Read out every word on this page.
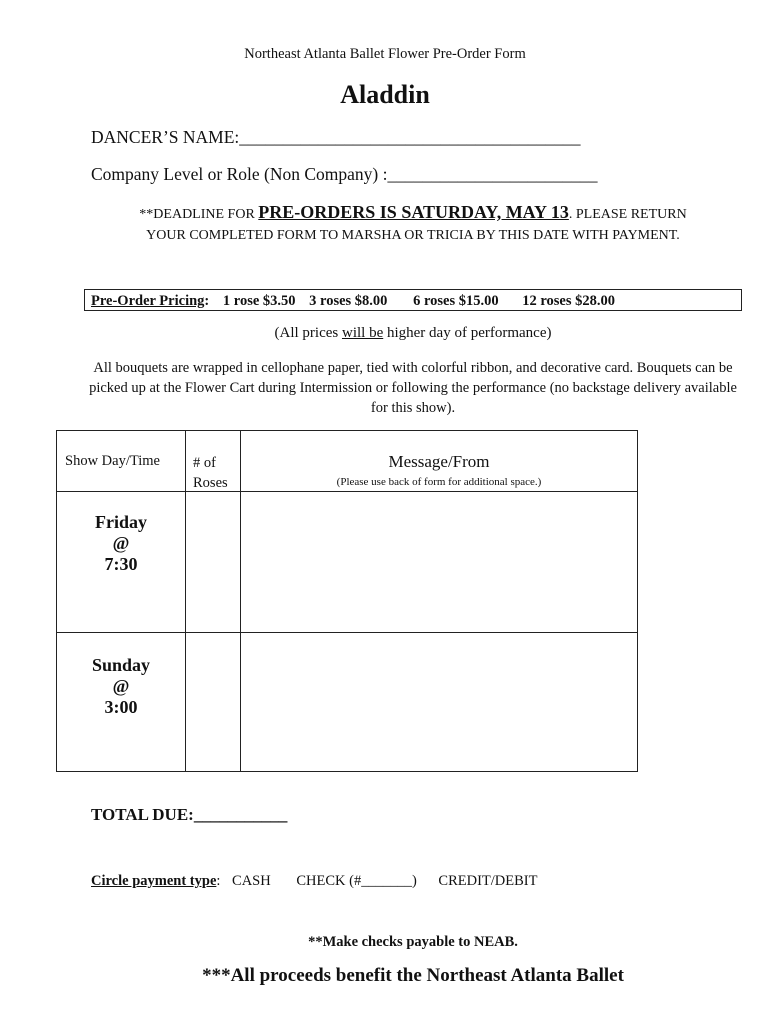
Northeast Atlanta Ballet Flower Pre-Order Form
Aladdin
DANCER’S NAME:_______________________________________
Company Level or Role (Non Company) :________________________
**DEADLINE FOR PRE-ORDERS IS SATURDAY, MAY 13. PLEASE RETURN
YOUR COMPLETED FORM TO MARSHA OR TRICIA BY THIS DATE WITH PAYMENT.
Pre-Order Pricing: 1 rose $3.50 3 roses $8.00 6 roses $15.00 12 roses $28.00
(All prices will be higher day of performance)
All bouquets are wrapped in cellophane paper, tied with colorful ribbon, and decorative card. Bouquets can be picked up at the Flower Cart during Intermission or following the performance (no backstage delivery available for this show).
Show Day/Time # of
Roses
Message/From
(Please use back of form for additional space.)
Friday
@
7:30
Sunday
@
3:00
TOTAL DUE:___________
Circle payment type: CASH CHECK (#_______) CREDIT/DEBIT
**Make checks payable to NEAB.
***All proceeds benefit the Northeast Atlanta Ballet
